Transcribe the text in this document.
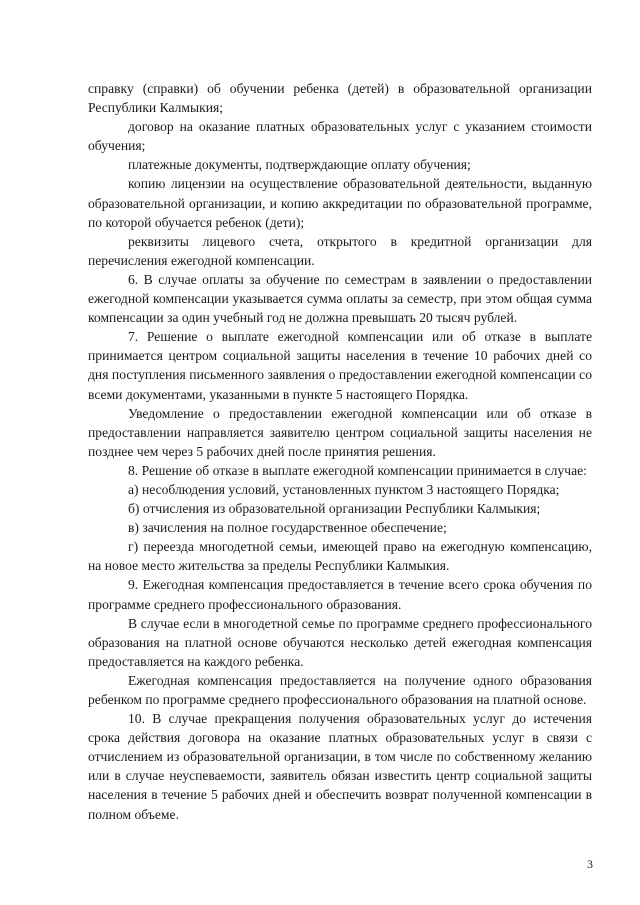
справку (справки) об обучении ребенка (детей) в образовательной организации Республики Калмыкия;

договор на оказание платных образовательных услуг с указанием стоимости обучения;

платежные документы, подтверждающие оплату обучения;

копию лицензии на осуществление образовательной деятельности, выданную образовательной организации, и копию аккредитации по образовательной программе, по которой обучается ребенок (дети);

реквизиты лицевого счета, открытого в кредитной организации для перечисления ежегодной компенсации.

6. В случае оплаты за обучение по семестрам в заявлении о предоставлении ежегодной компенсации указывается сумма оплаты за семестр, при этом общая сумма компенсации за один учебный год не должна превышать 20 тысяч рублей.

7. Решение о выплате ежегодной компенсации или об отказе в выплате принимается центром социальной защиты населения в течение 10 рабочих дней со дня поступления письменного заявления о предоставлении ежегодной компенсации со всеми документами, указанными в пункте 5 настоящего Порядка.

Уведомление о предоставлении ежегодной компенсации или об отказе в предоставлении направляется заявителю центром социальной защиты населения не позднее чем через 5 рабочих дней после принятия решения.

8. Решение об отказе в выплате ежегодной компенсации принимается в случае:

а) несоблюдения условий, установленных пунктом 3 настоящего Порядка;

б) отчисления из образовательной организации Республики Калмыкия;

в) зачисления на полное государственное обеспечение;

г) переезда многодетной семьи, имеющей право на ежегодную компенсацию, на новое место жительства за пределы Республики Калмыкия.

9. Ежегодная компенсация предоставляется в течение всего срока обучения по программе среднего профессионального образования.

В случае если в многодетной семье по программе среднего профессионального образования на платной основе обучаются несколько детей ежегодная компенсация предоставляется на каждого ребенка.

Ежегодная компенсация предоставляется на получение одного образования ребенком по программе среднего профессионального образования на платной основе.

10. В случае прекращения получения образовательных услуг до истечения срока действия договора на оказание платных образовательных услуг в связи с отчислением из образовательной организации, в том числе по собственному желанию или в случае неуспеваемости, заявитель обязан известить центр социальной защиты населения в течение 5 рабочих дней и обеспечить возврат полученной компенсации в полном объеме.

3
